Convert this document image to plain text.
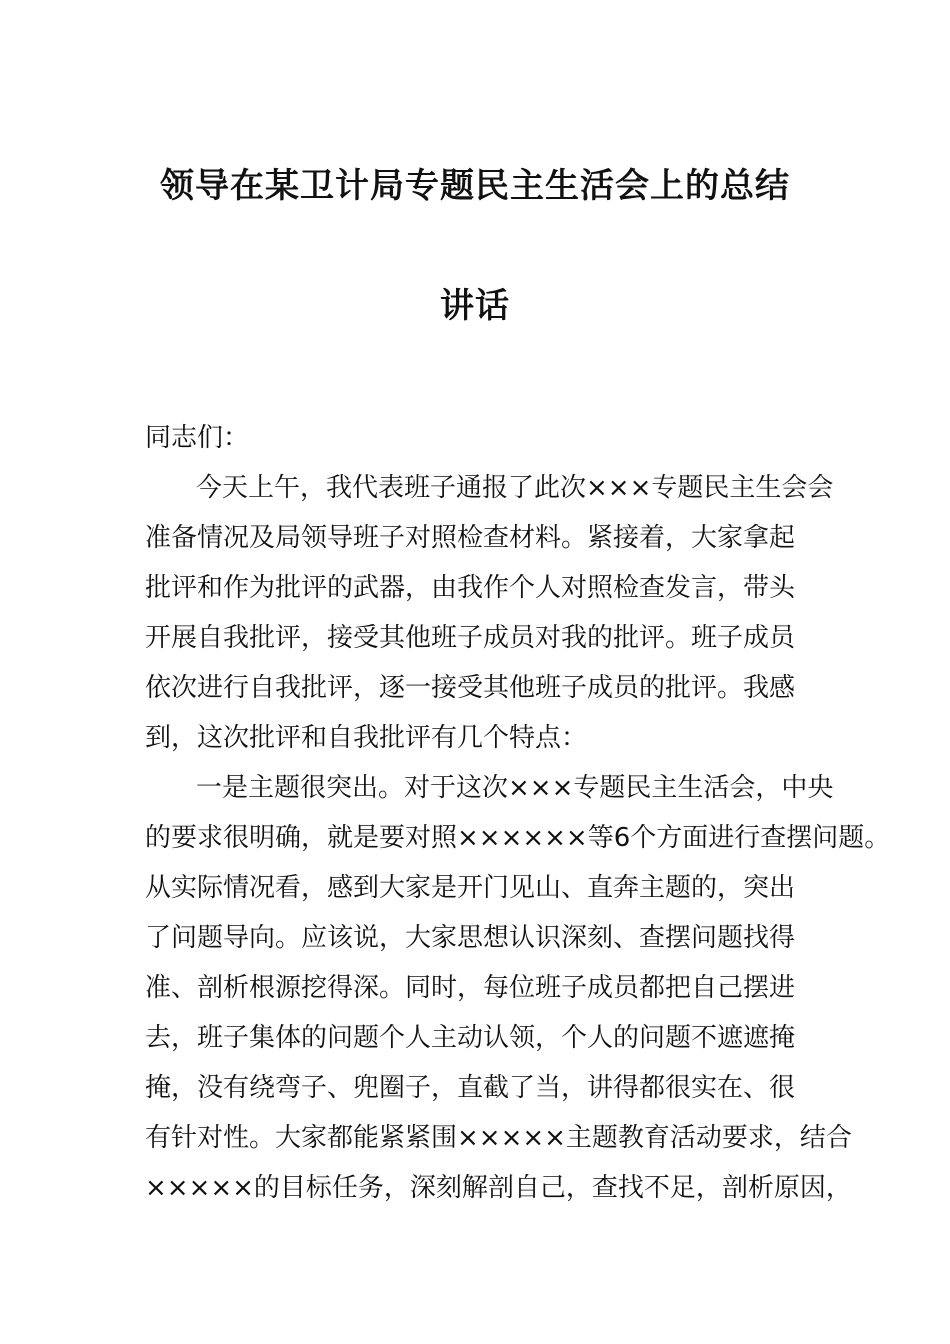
领导在某卫计局专题民主生活会上的总结
讲话
同志们：
今天上午，我代表班子通报了此次×××专题民主生会会
准备情况及局领导班子对照检查材料。紧接着，大家拿起
批评和作为批评的武器，由我作个人对照检查发言，带头
开展自我批评，接受其他班子成员对我的批评。班子成员
依次进行自我批评，逐一接受其他班子成员的批评。我感
到，这次批评和自我批评有几个特点：
一是主题很突出。对于这次×××专题民主生活会，中央
的要求很明确，就是要对照××××××等6个方面进行查摆问题。
从实际情况看，感到大家是开门见山、直奔主题的，突出
了问题导向。应该说，大家思想认识深刻、查摆问题找得
准、剖析根源挖得深。同时，每位班子成员都把自己摆进
去，班子集体的问题个人主动认领，个人的问题不遮遮掩
掩，没有绕弯子、兜圈子，直截了当，讲得都很实在、很
有针对性。大家都能紧紧围×××××主题教育活动要求，结合
×××××的目标任务，深刻解剖自己，查找不足，剖析原因，
